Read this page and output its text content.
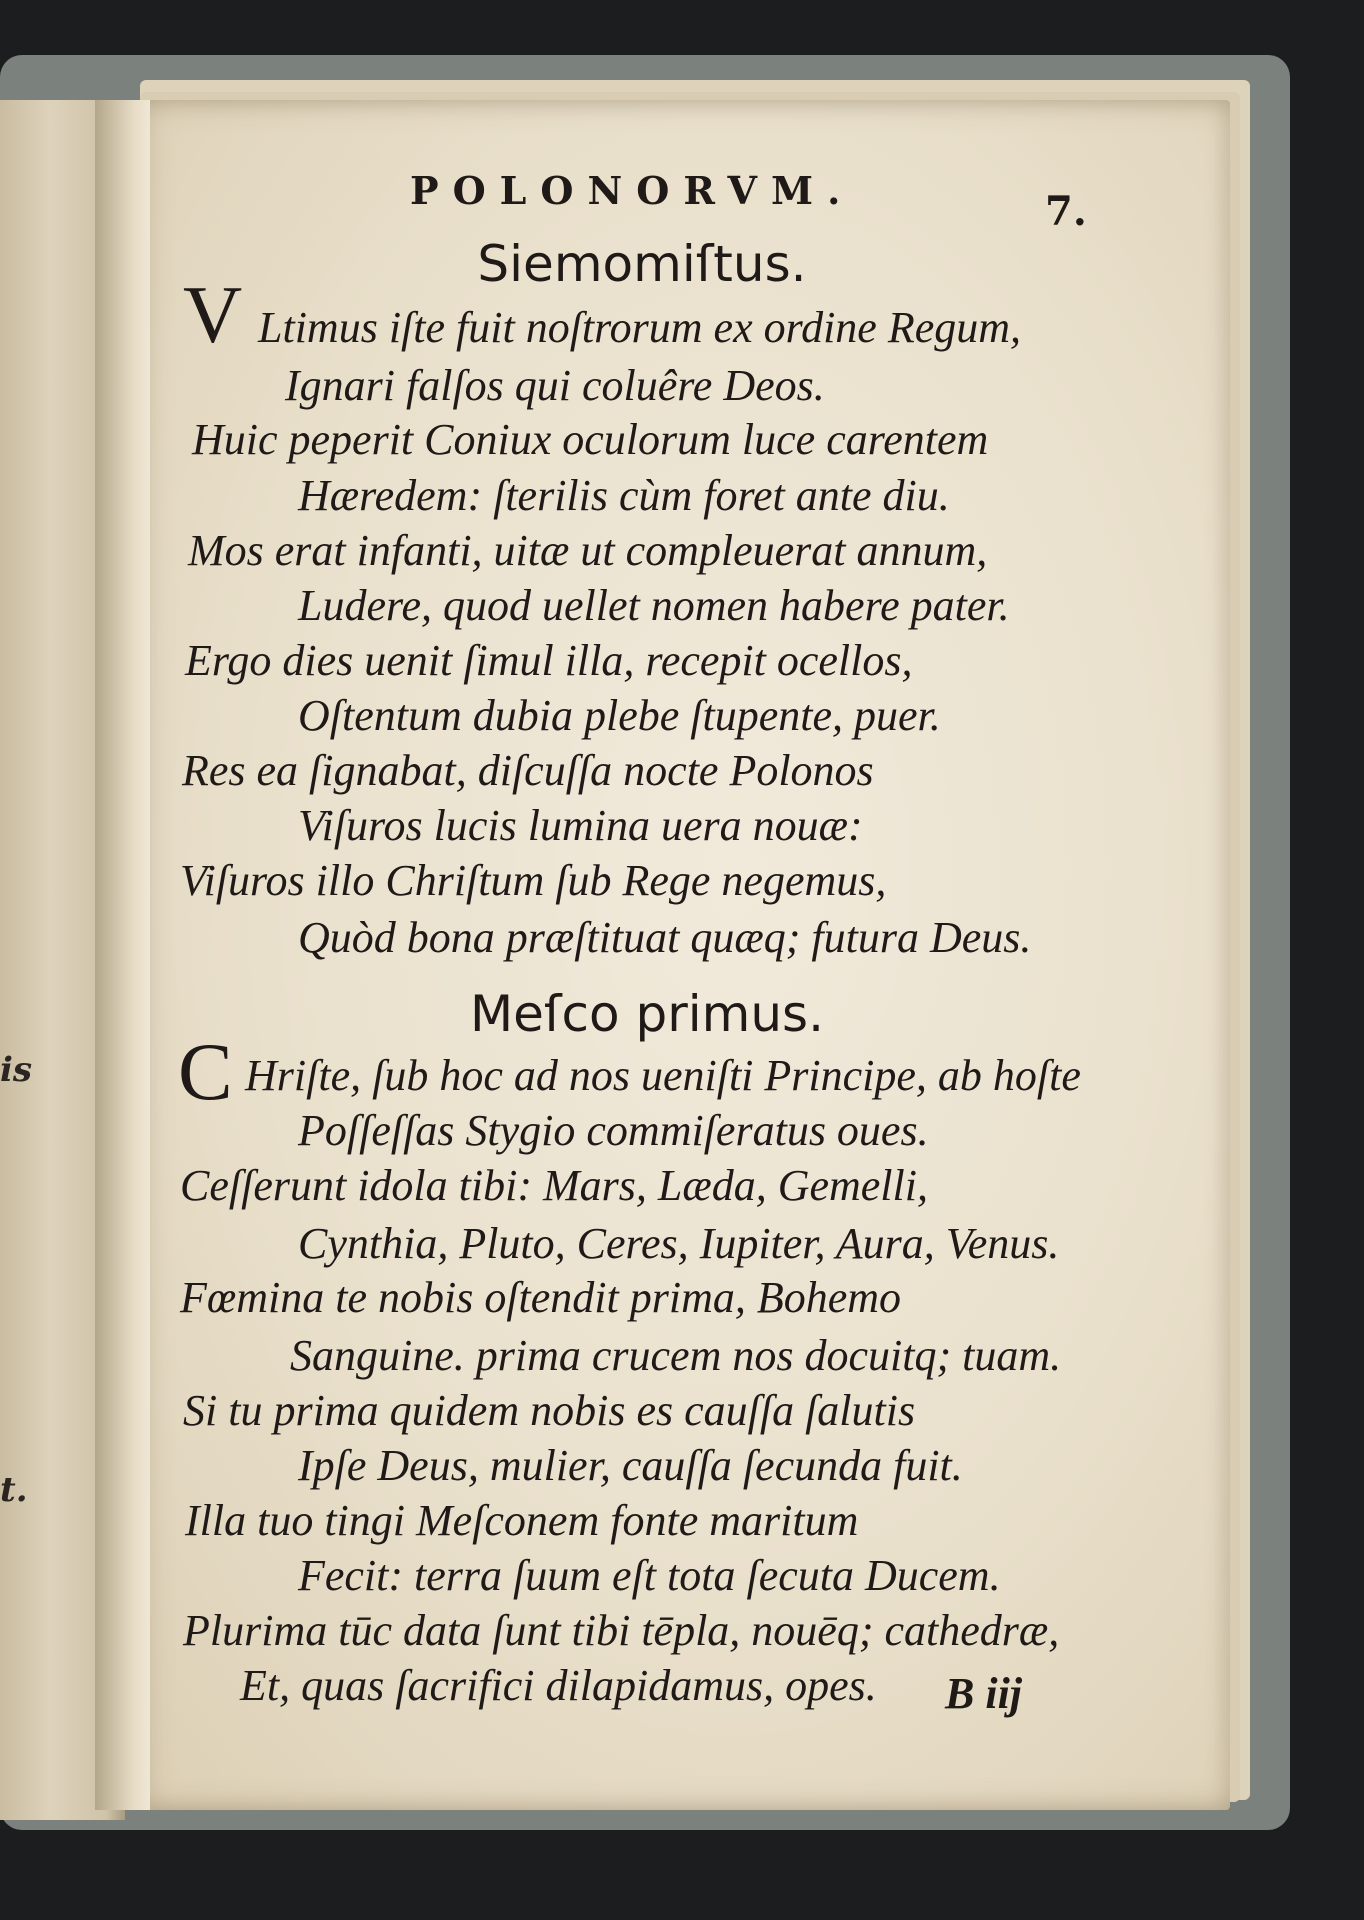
is
t.
POLONORVM.	7.
Siemomiſtus.
V Ltimus iſte fuit noſtrorum ex ordine Regum,
Ignari falſos qui coluêre Deos.
Huic peperit Coniux oculorum luce carentem
Hæredem: ſterilis cùm foret ante diu.
Mos erat infanti, uitæ ut compleuerat annum,
Ludere, quod uellet nomen habere pater.
Ergo dies uenit ſimul illa, recepit ocellos,
Oſtentum dubia plebe ſtupente, puer.
Res ea ſignabat, diſcuſſa nocte Polonos
Viſuros lucis lumina uera nouæ:
Viſuros illo Chriſtum ſub Rege negemus,
Quòd bona præſtituat quæq; futura Deus.
Meſco primus.
C Hriſte, ſub hoc ad nos ueniſti Principe, ab hoſte
Poſſeſſas Stygio commiſeratus oues.
Ceſſerunt idola tibi: Mars, Læda, Gemelli,
Cynthia, Pluto, Ceres, Iupiter, Aura, Venus.
Fœmina te nobis oſtendit prima, Bohemo
Sanguine. prima crucem nos docuitq; tuam.
Si tu prima quidem nobis es cauſſa ſalutis
Ipſe Deus, mulier, cauſſa ſecunda fuit.
Illa tuo tingi Meſconem fonte maritum
Fecit: terra ſuum eſt tota ſecuta Ducem.
Plurima tūc data ſunt tibi tēpla, nouēq; cathedræ,
Et, quas ſacrifici dilapidamus, opes. B iij
